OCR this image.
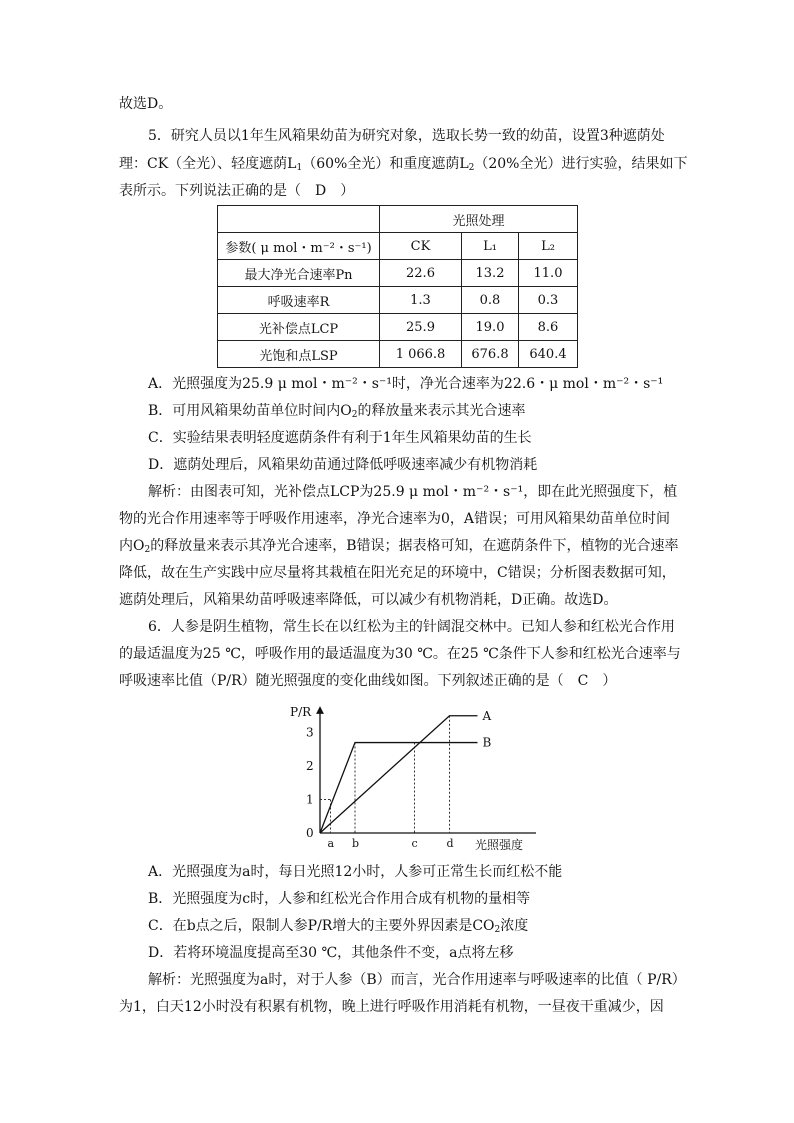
故选D。
5．研究人员以1年生风箱果幼苗为研究对象，选取长势一致的幼苗，设置3种遮荫处
理：CK（全光）、轻度遮荫$L_1(60\%$全光）和重度遮荫$L_2(20\%$全光）进行实验，结果如下
表所示。下列说法正确的是（　D　）
	光照处理		
参数( μ mol・m⁻²・s⁻¹)	CK	L₁	L₂
最大净光合速率Pn	22.6	13.2	11.0
呼吸速率R	1.3	0.8	0.3
光补偿点LCP	25.9	19.0	8.6
光饱和点LSP	1 066.8	676.8	640.4
A．光照强度为25.9 μ mol・m⁻²・s⁻¹时，净光合速率为22.6・μ mol・m⁻²・s⁻¹
B．可用风箱果幼苗单位时间内$O_2$的释放量来表示其光合速率
C．实验结果表明轻度遮荫条件有利于1年生风箱果幼苗的生长
D．遮荫处理后，风箱果幼苗通过降低呼吸速率减少有机物消耗
解析：由图表可知，光补偿点LCP为25.9 μ mol・m⁻²・s⁻¹，即在此光照强度下，植
物的光合作用速率等于呼吸作用速率，净光合速率为0，A错误；可用风箱果幼苗单位时间
内$O_2$的释放量来表示其净光合速率，B错误；据表格可知，在遮荫条件下，植物的光合速率
降低，故在生产实践中应尽量将其栽植在阳光充足的环境中，C错误；分析图表数据可知，
遮荫处理后，风箱果幼苗呼吸速率降低，可以减少有机物消耗，D正确。故选D。
6．人参是阴生植物，常生长在以红松为主的针阔混交林中。已知人参和红松光合作用
的最适温度为25 ℃，呼吸作用的最适温度为30 ℃。在25 ℃条件下人参和红松光合速率与
呼吸速率比值（P/R）随光照强度的变化曲线如图。下列叙述正确的是（　C　）
P/R
光照强度
0
1
2
3
a b	c	d
A
B
A．光照强度为a时，每日光照12小时，人参可正常生长而红松不能
B．光照强度为c时，人参和红松光合作用合成有机物的量相等
C．在b点之后，限制人参P/R增大的主要外界因素是$CO_2$浓度
D．若将环境温度提高至30 ℃，其他条件不变，a点将左移
解析：光照强度为a时，对于人参（B）而言，光合作用速率与呼吸速率的比值（ P/R）
为1，白天12小时没有积累有机物，晚上进行呼吸作用消耗有机物，一昼夜干重减少，因
